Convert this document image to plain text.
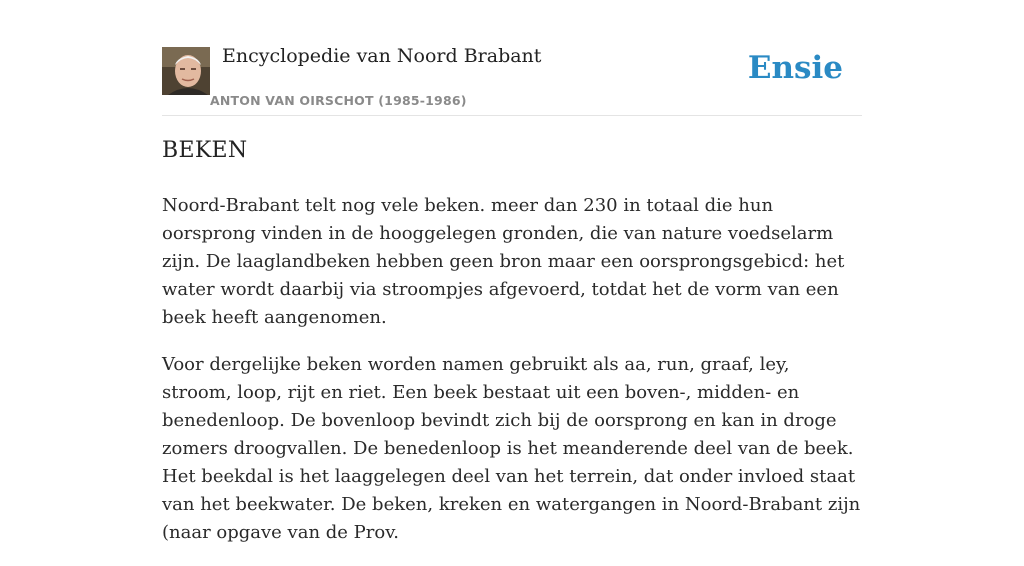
Encyclopedie van Noord Brabant
ANTON VAN OIRSCHOT (1985-1986)
Ensie
BEKEN

Noord-Brabant telt nog vele beken. meer dan 230 in totaal die hun oorsprong vinden in de hooggelegen gronden, die van nature voedselarm zijn. De laaglandbeken hebben geen bron maar een oorsprongsgebicd: het water wordt daarbij via stroompjes afgevoerd, totdat het de vorm van een beek heeft aangenomen.

Voor dergelijke beken worden namen gebruikt als aa, run, graaf, ley, stroom, loop, rijt en riet. Een beek bestaat uit een boven-, midden- en benedenloop. De bovenloop bevindt zich bij de oorsprong en kan in droge zomers droogvallen. De benedenloop is het meanderende deel van de beek. Het beekdal is het laaggelegen deel van het terrein, dat onder invloed staat van het beekwater. De beken, kreken en watergangen in Noord-Brabant zijn (naar opgave van de Prov.
